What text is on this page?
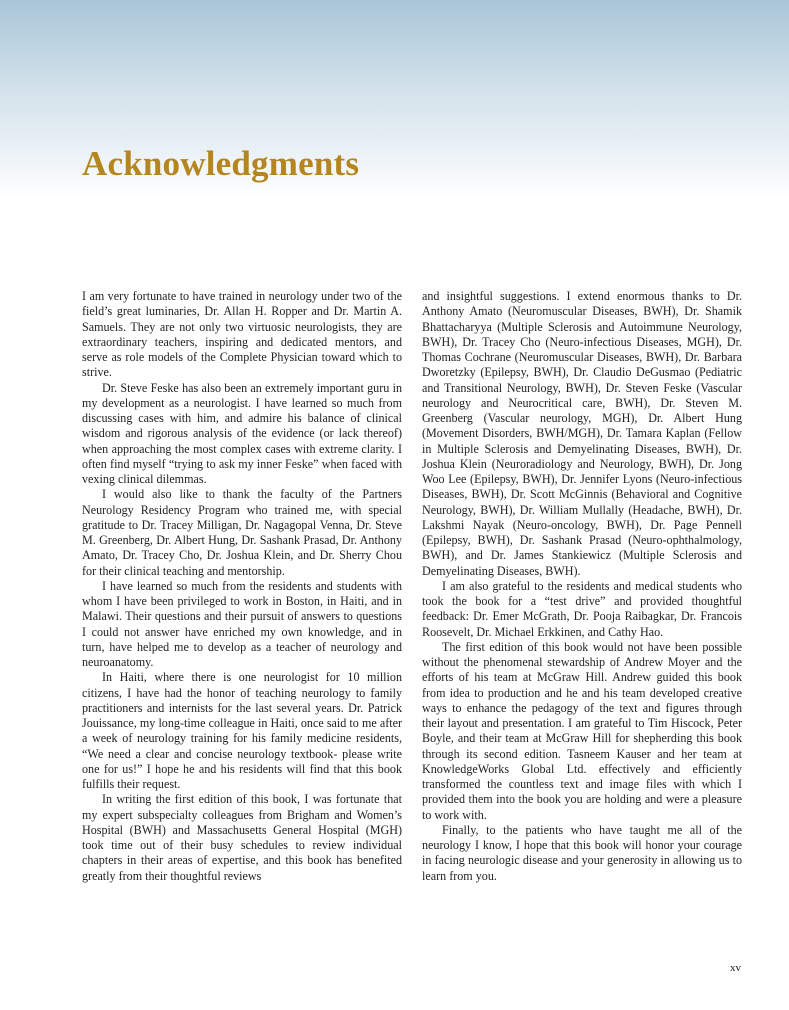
Acknowledgments

I am very fortunate to have trained in neurology under two of the field’s great luminaries, Dr. Allan H. Ropper and Dr. Martin A. Samuels. They are not only two virtuosic neurologists, they are extraordinary teachers, inspiring and dedicated mentors, and serve as role models of the Complete Physician toward which to strive.

Dr. Steve Feske has also been an extremely important guru in my development as a neurologist. I have learned so much from discussing cases with him, and admire his balance of clinical wisdom and rigorous analysis of the evidence (or lack thereof) when approaching the most complex cases with extreme clarity. I often find myself “trying to ask my inner Feske” when faced with vexing clinical dilemmas.

I would also like to thank the faculty of the Partners Neurology Residency Program who trained me, with special gratitude to Dr. Tracey Milligan, Dr. Nagagopal Venna, Dr. Steve M. Greenberg, Dr. Albert Hung, Dr. Sashank Prasad, Dr. Anthony Amato, Dr. Tracey Cho, Dr. Joshua Klein, and Dr. Sherry Chou for their clinical teaching and mentorship.

I have learned so much from the residents and students with whom I have been privileged to work in Boston, in Haiti, and in Malawi. Their questions and their pursuit of answers to questions I could not answer have enriched my own knowledge, and in turn, have helped me to develop as a teacher of neurology and neuroanatomy.

In Haiti, where there is one neurologist for 10 million citizens, I have had the honor of teaching neurology to family practitioners and internists for the last several years. Dr. Patrick Jouissance, my long-time colleague in Haiti, once said to me after a week of neurology training for his family medicine residents, “We need a clear and concise neurology textbook- please write one for us!” I hope he and his residents will find that this book fulfills their request.

In writing the first edition of this book, I was fortunate that my expert subspecialty colleagues from Brigham and Women’s Hospital (BWH) and Massachusetts General Hospital (MGH) took time out of their busy schedules to review individual chapters in their areas of expertise, and this book has benefited greatly from their thoughtful reviews

and insightful suggestions. I extend enormous thanks to Dr. Anthony Amato (Neuromuscular Diseases, BWH), Dr. Shamik Bhattacharyya (Multiple Sclerosis and Autoimmune Neurology, BWH), Dr. Tracey Cho (Neuro-infectious Diseases, MGH), Dr. Thomas Cochrane (Neuromuscular Diseases, BWH), Dr. Barbara Dworetzky (Epilepsy, BWH), Dr. Claudio DeGusmao (Pediatric and Transitional Neurology, BWH), Dr. Steven Feske (Vascular neurology and Neurocritical care, BWH), Dr. Steven M. Greenberg (Vascular neurology, MGH), Dr. Albert Hung (Movement Disorders, BWH/MGH), Dr. Tamara Kaplan (Fellow in Multiple Sclerosis and Demyelinating Diseases, BWH), Dr. Joshua Klein (Neuroradiology and Neurology, BWH), Dr. Jong Woo Lee (Epilepsy, BWH), Dr. Jennifer Lyons (Neuro-infectious Diseases, BWH), Dr. Scott McGinnis (Behavioral and Cognitive Neurology, BWH), Dr. William Mullally (Headache, BWH), Dr. Lakshmi Nayak (Neuro-oncology, BWH), Dr. Page Pennell (Epilepsy, BWH), Dr. Sashank Prasad (Neuro-ophthalmology, BWH), and Dr. James Stankiewicz (Multiple Sclerosis and Demyelinating Diseases, BWH).

I am also grateful to the residents and medical students who took the book for a “test drive” and provided thoughtful feedback: Dr. Emer McGrath, Dr. Pooja Raibagkar, Dr. Francois Roosevelt, Dr. Michael Erkkinen, and Cathy Hao.

The first edition of this book would not have been possible without the phenomenal stewardship of Andrew Moyer and the efforts of his team at McGraw Hill. Andrew guided this book from idea to production and he and his team developed creative ways to enhance the pedagogy of the text and figures through their layout and presentation. I am grateful to Tim Hiscock, Peter Boyle, and their team at McGraw Hill for shepherding this book through its second edition. Tasneem Kauser and her team at KnowledgeWorks Global Ltd. effectively and efficiently transformed the countless text and image files with which I provided them into the book you are holding and were a pleasure to work with.

Finally, to the patients who have taught me all of the neurology I know, I hope that this book will honor your courage in facing neurologic disease and your generosity in allowing us to learn from you.

xv
